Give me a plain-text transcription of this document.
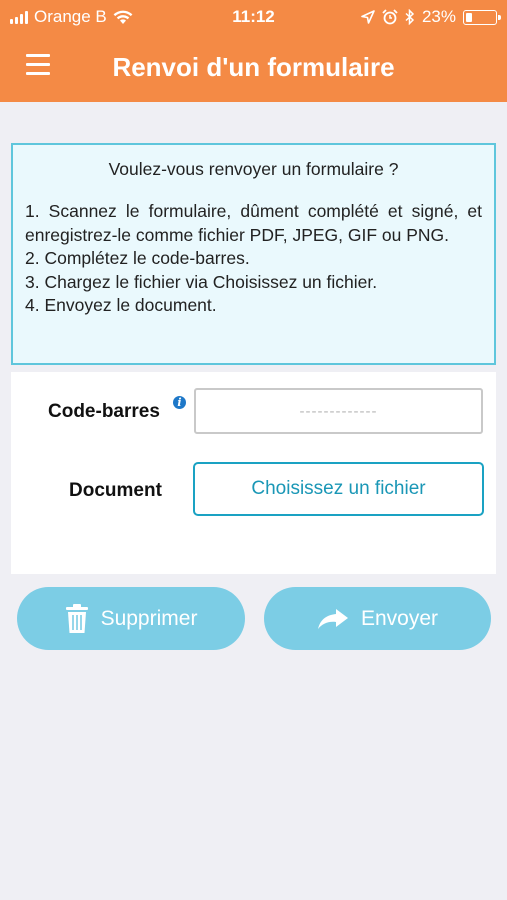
Orange B	11:12	23%
Renvoi d'un formulaire
Voulez-vous renvoyer un formulaire ?

1. Scannez le formulaire, dûment complété et signé, et enregistrez-le comme fichier PDF, JPEG, GIF ou PNG.

2. Complétez le code-barres.

3. Chargez le fichier via Choisissez un fichier.

4. Envoyez le document.

Code-barres	i
-------------
Document	Choisissez un fichier
Supprimer	Envoyer
